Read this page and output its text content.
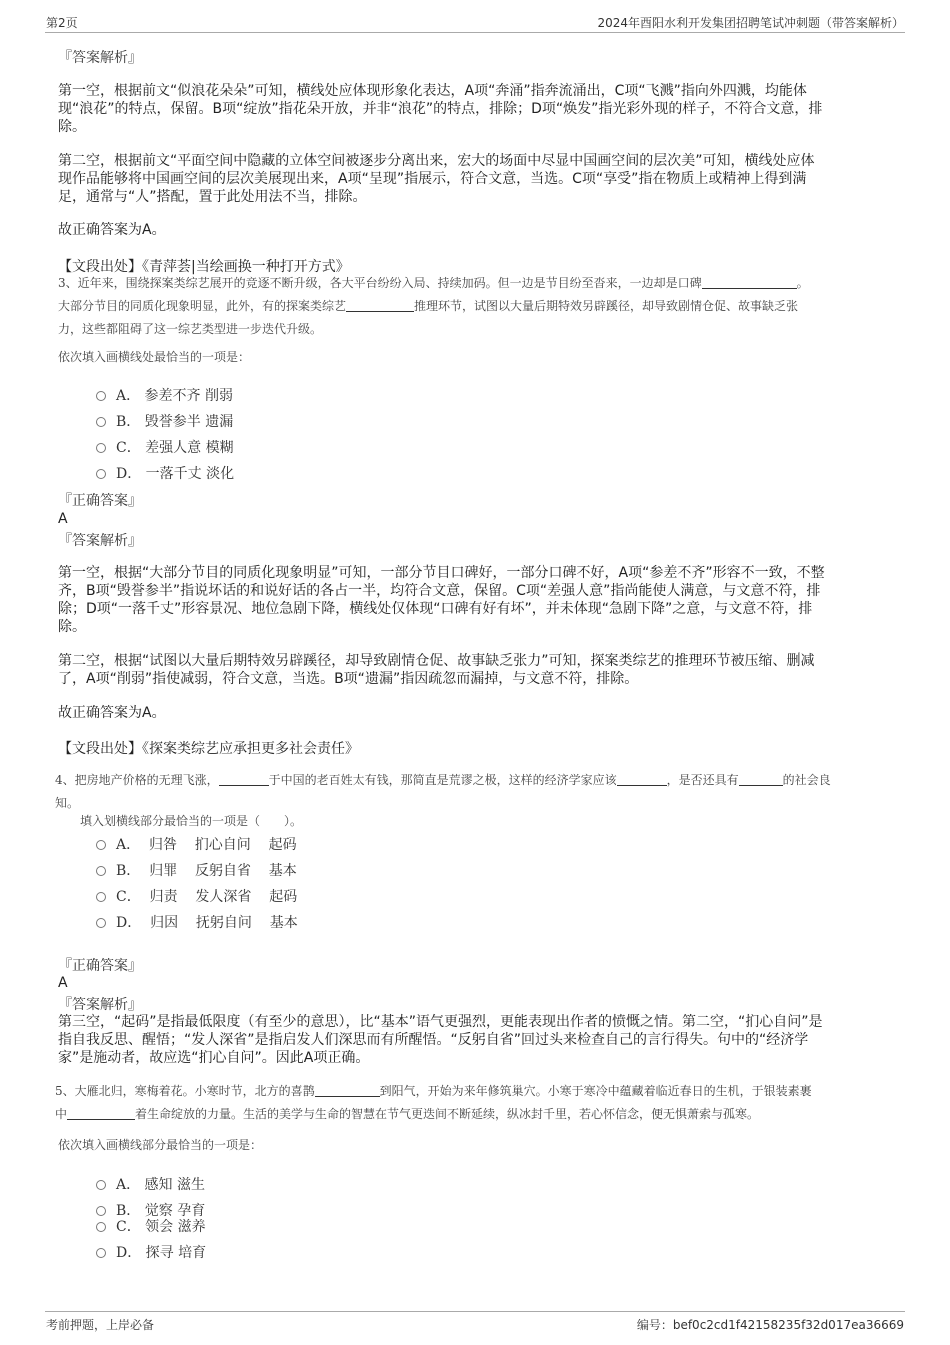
第2页	2024年酉阳水利开发集团招聘笔试冲刺题（带答案解析）
『答案解析』
第一空，根据前文“似浪花朵朵”可知，横线处应体现形象化表达，A项“奔涌”指奔流涌出，C项“飞溅”指向外四溅，均能体
现“浪花”的特点，保留。B项“绽放”指花朵开放，并非“浪花”的特点，排除；D项“焕发”指光彩外现的样子，不符合文意，排
除。
第二空，根据前文“平面空间中隐藏的立体空间被逐步分离出来，宏大的场面中尽显中国画空间的层次美”可知，横线处应体
现作品能够将中国画空间的层次美展现出来，A项“呈现”指展示，符合文意，当选。C项“享受”指在物质上或精神上得到满
足，通常与“人”搭配，置于此处用法不当，排除。
故正确答案为A。
【文段出处】《青萍荟|当绘画换一种打开方式》
3、近年来，围绕探案类综艺展开的竞逐不断升级，各大平台纷纷入局、持续加码。但一边是节目纷至沓来，一边却是口碑	。
大部分节目的同质化现象明显，此外，有的探案类综艺	推理环节，试图以大量后期特效另辟蹊径，却导致剧情仓促、故事缺乏张
力，这些都阻碍了这一综艺类型进一步迭代升级。
依次填入画横线处最恰当的一项是：
A． 参差不齐 削弱
B． 毁誉参半 遗漏
C． 差强人意 模糊
D． 一落千丈 淡化
『正确答案』
A
『答案解析』
第一空，根据“大部分节目的同质化现象明显”可知，一部分节目口碑好，一部分口碑不好，A项“参差不齐”形容不一致，不整
齐，B项“毁誉参半”指说坏话的和说好话的各占一半，均符合文意，保留。C项“差强人意”指尚能使人满意，与文意不符，排
除；D项“一落千丈”形容景况、地位急剧下降，横线处仅体现“口碑有好有坏”，并未体现“急剧下降”之意，与文意不符，排
除。
第二空，根据“试图以大量后期特效另辟蹊径，却导致剧情仓促、故事缺乏张力”可知，探案类综艺的推理环节被压缩、删减
了，A项“削弱”指使减弱，符合文意，当选。B项“遗漏”指因疏忽而漏掉，与文意不符，排除。
故正确答案为A。
【文段出处】《探案类综艺应承担更多社会责任》
4、把房地产价格的无理飞涨，	于中国的老百姓太有钱，那简直是荒谬之极，这样的经济学家应该	，是否还具有	的社会良
知。
填入划横线部分最恰当的一项是（　　）。
A．  归咎    扪心自问    起码
B．  归罪    反躬自省    基本
C．  归责    发人深省    起码
D．  归因    抚躬自问    基本
『正确答案』
A
『答案解析』
第三空，“起码”是指最低限度（有至少的意思），比“基本”语气更强烈，更能表现出作者的愤慨之情。第二空，“扪心自问”是
指自我反思、醒悟；“发人深省”是指启发人们深思而有所醒悟。“反躬自省”回过头来检查自己的言行得失。句中的“经济学
家”是施动者，故应选“扪心自问”。因此A项正确。
5、大雁北归，寒梅着花。小寒时节，北方的喜鹊	到阳气，开始为来年修筑巢穴。小寒于寒冷中蕴藏着临近春日的生机，于银装素裹
中	着生命绽放的力量。生活的美学与生命的智慧在节气更迭间不断延续，纵冰封千里，若心怀信念，便无惧萧索与孤寒。
依次填入画横线部分最恰当的一项是：
A． 感知 滋生
B． 觉察 孕育
C． 领会 滋养
D． 探寻 培育
考前押题，上岸必备	编号：bef0c2cd1f42158235f32d017ea36669
